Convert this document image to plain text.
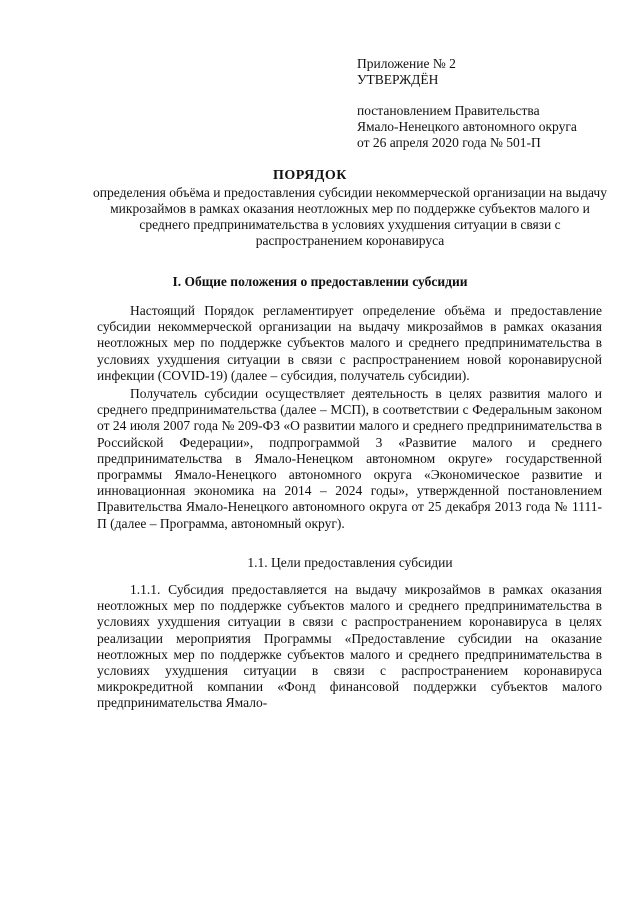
Приложение № 2
УТВЕРЖДЁН
постановлением Правительства
Ямало-Ненецкого автономного округа
от 26 апреля 2020 года № 501-П
ПОРЯДОК
определения объёма и предоставления субсидии некоммерческой организации на выдачу микрозаймов в рамках оказания неотложных мер по поддержке субъектов малого и среднего предпринимательства в условиях ухудшения ситуации в связи с распространением коронавируса
I. Общие положения о предоставлении субсидии

Настоящий Порядок регламентирует определение объёма и предоставление субсидии некоммерческой организации на выдачу микрозаймов в рамках оказания неотложных мер по поддержке субъектов малого и среднего предпринимательства в условиях ухудшения ситуации в связи с распространением новой коронавирусной инфекции (COVID-19) (далее – субсидия, получатель субсидии).

Получатель субсидии осуществляет деятельность в целях развития малого и среднего предпринимательства (далее – МСП), в соответствии с Федеральным законом от 24 июля 2007 года № 209-ФЗ «О развитии малого и среднего предпринимательства в Российской Федерации», подпрограммой 3 «Развитие малого и среднего предпринимательства в Ямало-Ненецком автономном округе» государственной программы Ямало-Ненецкого автономного округа «Экономическое развитие и инновационная экономика на 2014 – 2024 годы», утвержденной постановлением Правительства Ямало-Ненецкого автономного округа от 25 декабря 2013 года № 1111-П (далее – Программа, автономный округ).

1.1. Цели предоставления субсидии

1.1.1. Субсидия предоставляется на выдачу микрозаймов в рамках оказания неотложных мер по поддержке субъектов малого и среднего предпринимательства в условиях ухудшения ситуации в связи с распространением коронавируса в целях реализации мероприятия Программы «Предоставление субсидии на оказание неотложных мер по поддержке субъектов малого и среднего предпринимательства в условиях ухудшения ситуации в связи с распространением коронавируса микрокредитной компании «Фонд финансовой поддержки субъектов малого предпринимательства Ямало-
